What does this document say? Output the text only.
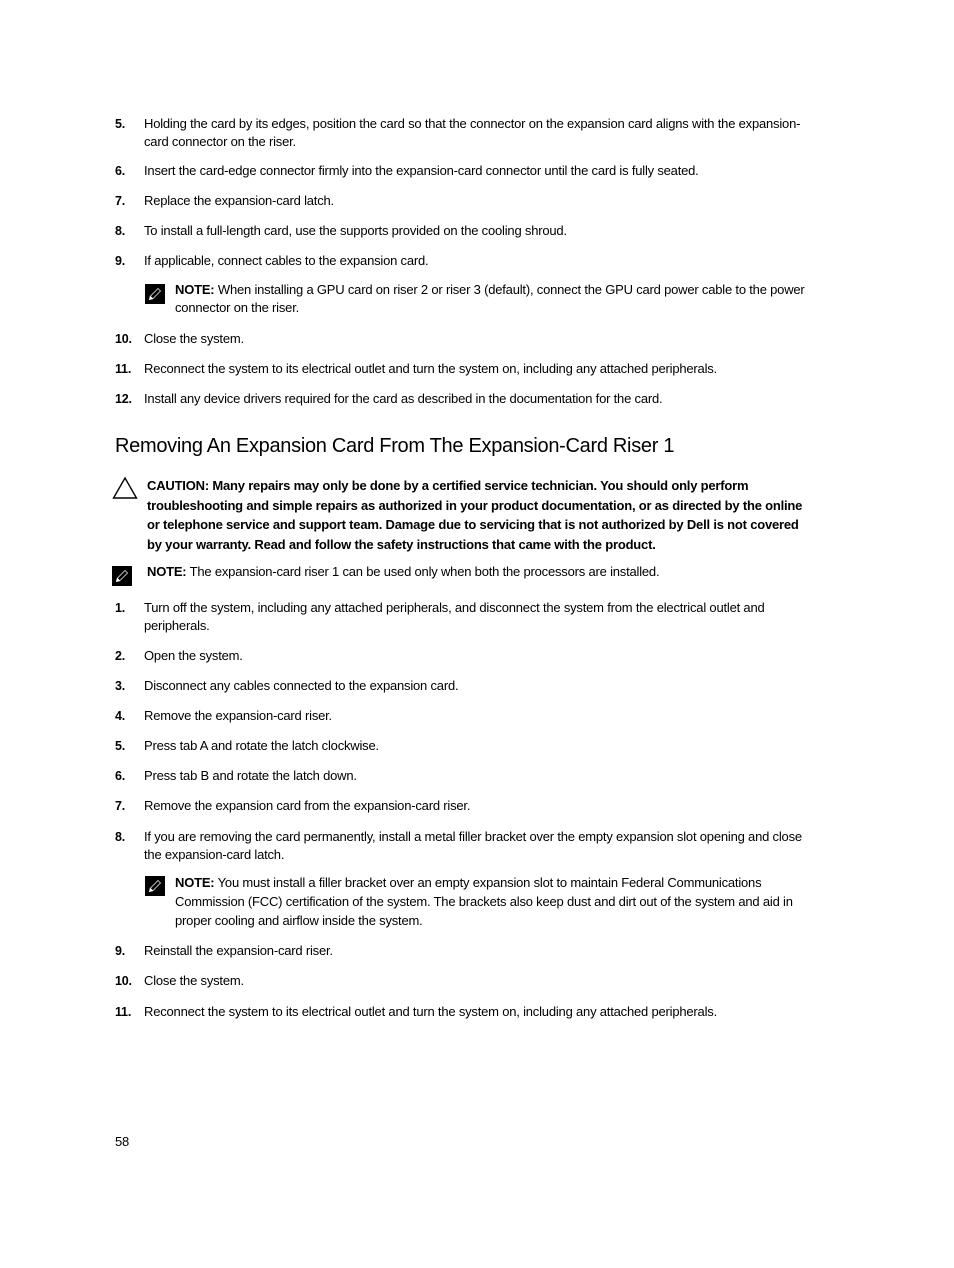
5. Holding the card by its edges, position the card so that the connector on the expansion card aligns with the expansion-card connector on the riser.
6. Insert the card-edge connector firmly into the expansion-card connector until the card is fully seated.
7. Replace the expansion-card latch.
8. To install a full-length card, use the supports provided on the cooling shroud.
9. If applicable, connect cables to the expansion card.
NOTE: When installing a GPU card on riser 2 or riser 3 (default), connect the GPU card power cable to the power connector on the riser.
10. Close the system.
11. Reconnect the system to its electrical outlet and turn the system on, including any attached peripherals.
12. Install any device drivers required for the card as described in the documentation for the card.
Removing An Expansion Card From The Expansion-Card Riser 1
CAUTION: Many repairs may only be done by a certified service technician. You should only perform troubleshooting and simple repairs as authorized in your product documentation, or as directed by the online or telephone service and support team. Damage due to servicing that is not authorized by Dell is not covered by your warranty. Read and follow the safety instructions that came with the product.
NOTE: The expansion-card riser 1 can be used only when both the processors are installed.
1. Turn off the system, including any attached peripherals, and disconnect the system from the electrical outlet and peripherals.
2. Open the system.
3. Disconnect any cables connected to the expansion card.
4. Remove the expansion-card riser.
5. Press tab A and rotate the latch clockwise.
6. Press tab B and rotate the latch down.
7. Remove the expansion card from the expansion-card riser.
8. If you are removing the card permanently, install a metal filler bracket over the empty expansion slot opening and close the expansion-card latch.
NOTE: You must install a filler bracket over an empty expansion slot to maintain Federal Communications Commission (FCC) certification of the system. The brackets also keep dust and dirt out of the system and aid in proper cooling and airflow inside the system.
9. Reinstall the expansion-card riser.
10. Close the system.
11. Reconnect the system to its electrical outlet and turn the system on, including any attached peripherals.
58
